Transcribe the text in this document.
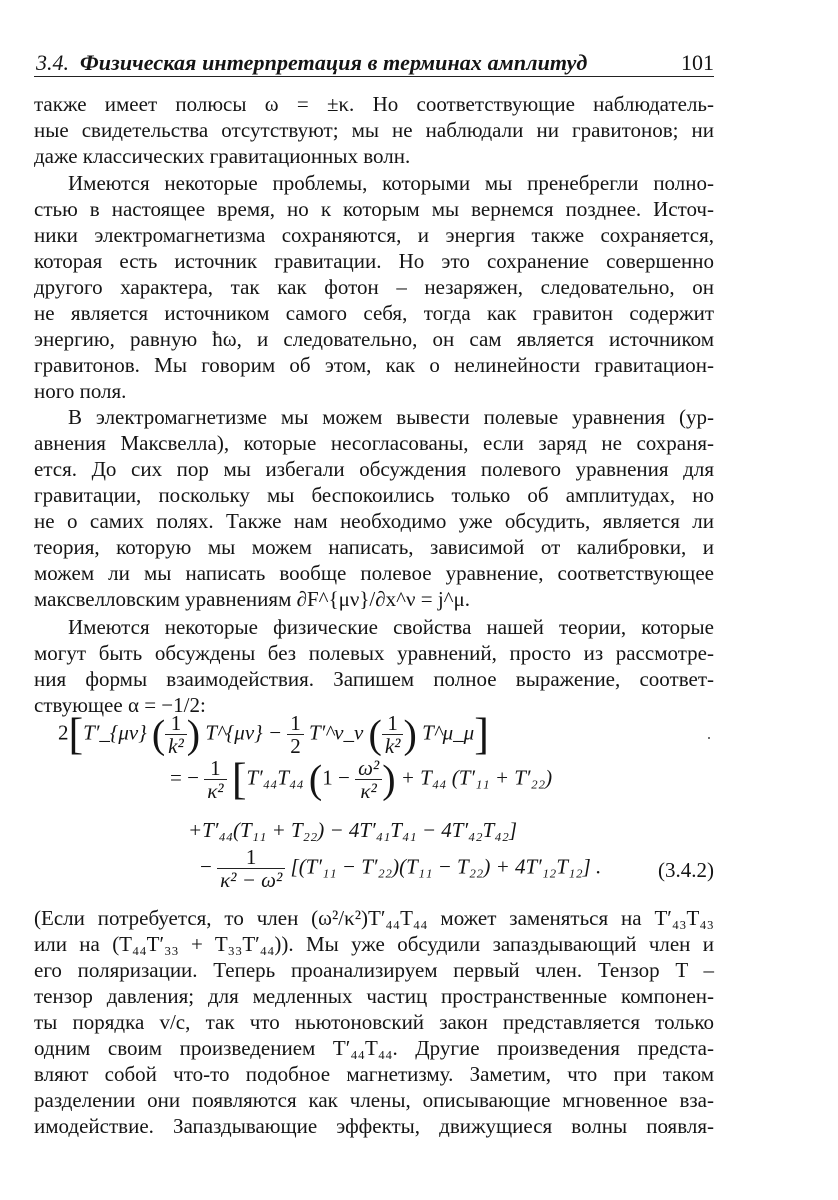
3.4. Физическая интерпретация в терминах амплитуд	101
также имеет полюсы ω = ±κ. Но соответствующие наблюдатель-
ные свидетельства отсутствуют; мы не наблюдали ни гравитонов; ни
даже классических гравитационных волн.
Имеются некоторые проблемы, которыми мы пренебрегли полно-
стью в настоящее время, но к которым мы вернемся позднее. Источ-
ники электромагнетизма сохраняются, и энергия также сохраняется,
которая есть источник гравитации. Но это сохранение совершенно
другого характера, так как фотон – незаряжен, следовательно, он
не является источником самого себя, тогда как гравитон содержит
энергию, равную ħω, и следовательно, он сам является источником
гравитонов. Мы говорим об этом, как о нелинейности гравитацион-
ного поля.
В электромагнетизме мы можем вывести полевые уравнения (ур-
авнения Максвелла), которые несогласованы, если заряд не сохраня-
ется. До сих пор мы избегали обсуждения полевого уравнения для
гравитации, поскольку мы беспокоились только об амплитудах, но
не о самих полях. Также нам необходимо уже обсудить, является ли
теория, которую мы можем написать, зависимой от калибровки, и
можем ли мы написать вообще полевое уравнение, соответствующее
максвелловским уравнениям ∂F^{μν}/∂x^ν = j^μ.
Имеются некоторые физические свойства нашей теории, которые
могут быть обсуждены без полевых уравнений, просто из рассмотре-
ния формы взаимодействия. Запишем полное выражение, соответ-
ствующее α = −1/2:
2[T′_{μν} ( $\frac{1}{\text{k²}}$ ) T^{μν} − $\frac{1}{2}$ T′^ν_ν ( $\frac{1}{\text{k²}}$ ) T^μ_μ]
= − $\frac{1}{\text{κ²}} [T'_{44}T_{44}$ ($1 - \frac{\text{ω²}}{\text{κ²}}$ ) + T₄₄ (T′₁₁ + T′₂₂)
+T′₄₄(T₁₁ + T₂₂) − 4T′₄₁T₄₁ − 4T′₄₂T₄₂]
− $\frac{1}{\text{κ² − ω²}} [(T'_{11} - T'_{22})(T_{11} - T_{22}) + 4T'_{12}T_{12}]$ .	(3.4.2)
(Если потребуется, то член (ω²/κ²)T′₄₄T₄₄ может заменяться на T′₄₃T₄₃
или на (T₄₄T′₃₃ + T₃₃T′₄₄)). Мы уже обсудили запаздывающий член и
его поляризации. Теперь проанализируем первый член. Тензор T –
тензор давления; для медленных частиц пространственные компонен-
ты порядка v/c, так что ньютоновский закон представляется только
одним своим произведением T′₄₄T₄₄. Другие произведения предста-
вляют собой что-то подобное магнетизму. Заметим, что при таком
разделении они появляются как члены, описывающие мгновенное вза-
имодействие. Запаздывающие эффекты, движущиеся волны появля-
